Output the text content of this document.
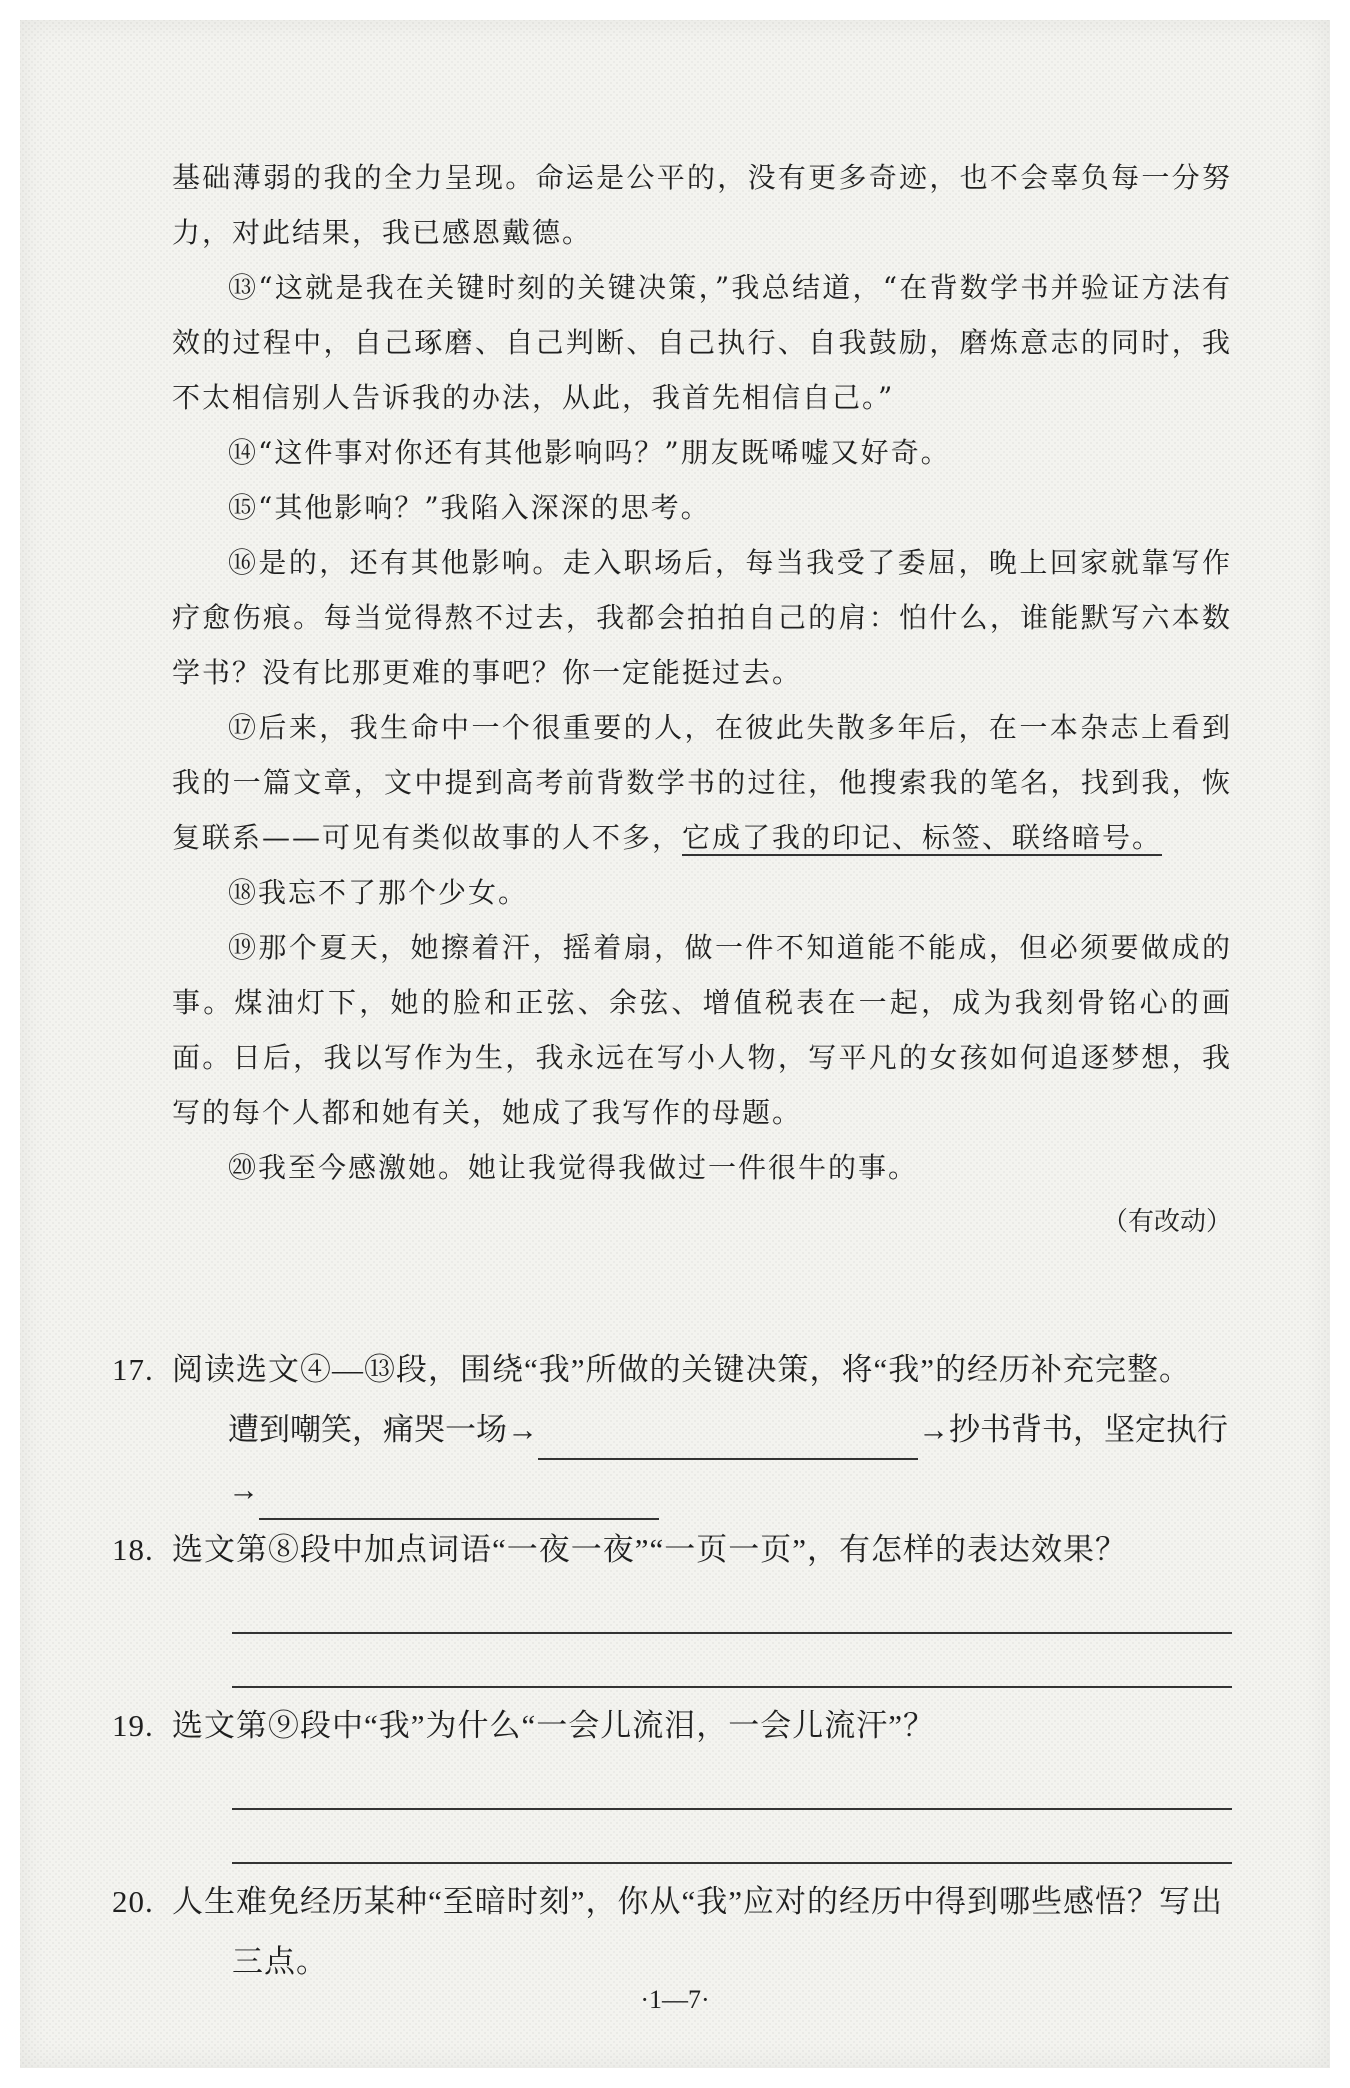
基础薄弱的我的全力呈现。命运是公平的，没有更多奇迹，也不会辜负每一分努力，对此结果，我已感恩戴德。

⑬“这就是我在关键时刻的关键决策，”我总结道，“在背数学书并验证方法有效的过程中，自己琢磨、自己判断、自己执行、自我鼓励，磨炼意志的同时，我不太相信别人告诉我的办法，从此，我首先相信自己。”

⑭“这件事对你还有其他影响吗？”朋友既唏嘘又好奇。

⑮“其他影响？”我陷入深深的思考。

⑯是的，还有其他影响。走入职场后，每当我受了委屈，晚上回家就靠写作疗愈伤痕。每当觉得熬不过去，我都会拍拍自己的肩：怕什么，谁能默写六本数学书？没有比那更难的事吧？你一定能挺过去。

⑰后来，我生命中一个很重要的人，在彼此失散多年后，在一本杂志上看到我的一篇文章，文中提到高考前背数学书的过往，他搜索我的笔名，找到我，恢复联系——可见有类似故事的人不多，它成了我的印记、标签、联络暗号。

⑱我忘不了那个少女。

⑲那个夏天，她擦着汗，摇着扇，做一件不知道能不能成，但必须要做成的事。煤油灯下，她的脸和正弦、余弦、增值税表在一起，成为我刻骨铭心的画面。日后，我以写作为生，我永远在写小人物，写平凡的女孩如何追逐梦想，我写的每个人都和她有关，她成了我写作的母题。

⑳我至今感激她。她让我觉得我做过一件很牛的事。

（有改动）

阅读选文④—⑬段，围绕“我”所做的关键决策，将“我”的经历补充完整。

遭到嘲笑，痛哭一场→	→抄书背书，坚定执行→

选文第⑧段中加点词语“一夜一夜”“一页一页”，有怎样的表达效果？

选文第⑨段中“我”为什么“一会儿流泪，一会儿流汗”？

人生难免经历某种“至暗时刻”，你从“我”应对的经历中得到哪些感悟？写出三点。

·1—7·
